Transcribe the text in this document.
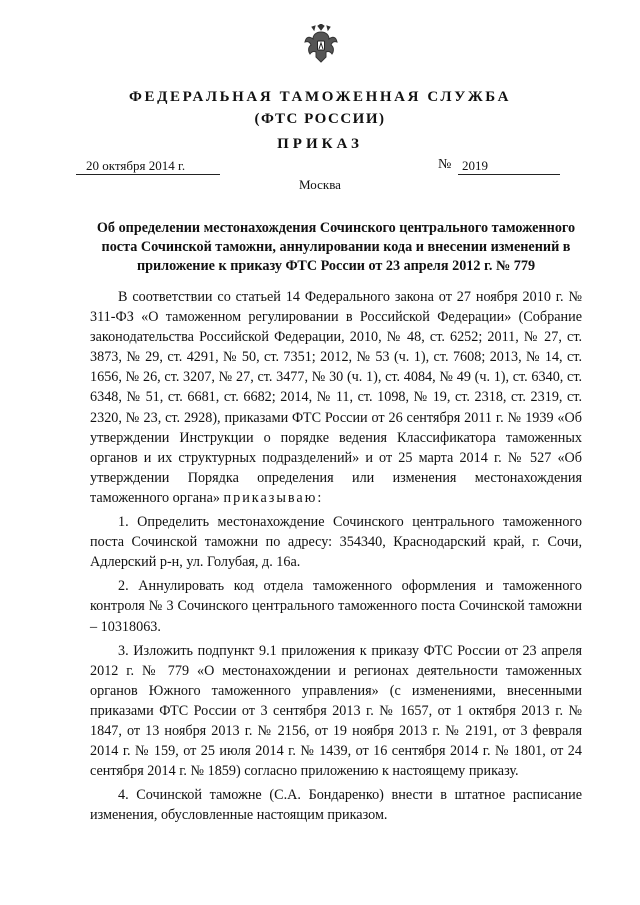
ФЕДЕРАЛЬНАЯ ТАМОЖЕННАЯ СЛУЖБА
(ФТС РОССИИ)
ПРИКАЗ
20 октября 2014 г.	№ 2019
Москва
Об определении местонахождения Сочинского центрального таможенного поста Сочинской таможни, аннулировании кода и внесении изменений в приложение к приказу ФТС России от 23 апреля 2012 г. № 779

В соответствии со статьей 14 Федерального закона от 27 ноября 2010 г. № 311-ФЗ «О таможенном регулировании в Российской Федерации» (Собрание законодательства Российской Федерации, 2010, № 48, ст. 6252; 2011, № 27, ст. 3873, № 29, ст. 4291, № 50, ст. 7351; 2012, № 53 (ч. 1), ст. 7608; 2013, № 14, ст. 1656, № 26, ст. 3207, № 27, ст. 3477, № 30 (ч. 1), ст. 4084, № 49 (ч. 1), ст. 6340, ст. 6348, № 51, ст. 6681, ст. 6682; 2014, № 11, ст. 1098, № 19, ст. 2318, ст. 2319, ст. 2320, № 23, ст. 2928), приказами ФТС России от 26 сентября 2011 г. № 1939 «Об утверждении Инструкции о порядке ведения Классификатора таможенных органов и их структурных подразделений» и от 25 марта 2014 г. № 527 «Об утверждении Порядка определения или изменения местонахождения таможенного органа» приказываю:

1. Определить местонахождение Сочинского центрального таможенного поста Сочинской таможни по адресу: 354340, Краснодарский край, г. Сочи, Адлерский р-н, ул. Голубая, д. 16а.

2. Аннулировать код отдела таможенного оформления и таможенного контроля № 3 Сочинского центрального таможенного поста Сочинской таможни – 10318063.

3. Изложить подпункт 9.1 приложения к приказу ФТС России от 23 апреля 2012 г. № 779 «О местонахождении и регионах деятельности таможенных органов Южного таможенного управления» (с изменениями, внесенными приказами ФТС России от 3 сентября 2013 г. № 1657, от 1 октября 2013 г. № 1847, от 13 ноября 2013 г. № 2156, от 19 ноября 2013 г. № 2191, от 3 февраля 2014 г. № 159, от 25 июля 2014 г. № 1439, от 16 сентября 2014 г. № 1801, от 24 сентября 2014 г. № 1859) согласно приложению к настоящему приказу.

4. Сочинской таможне (С.А. Бондаренко) внести в штатное расписание изменения, обусловленные настоящим приказом.
